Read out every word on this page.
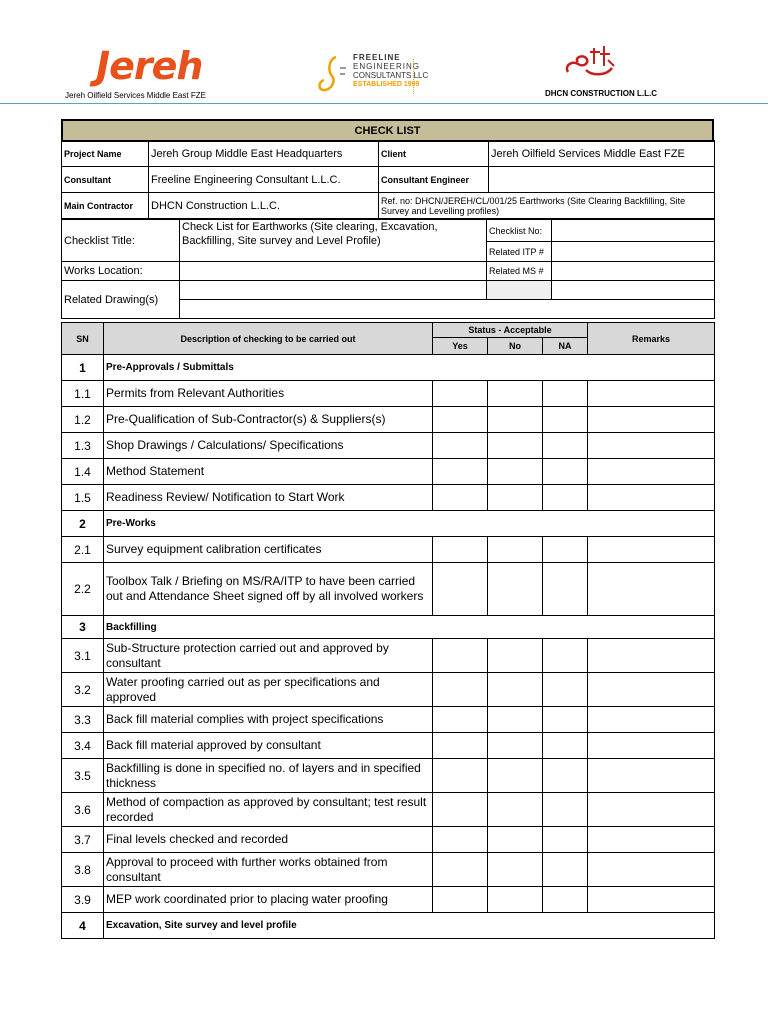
Jereh
Jereh Oilfield Services Middle East FZE
FREELINE
ENGINEERING
CONSULTANTS LLC
ESTABLISHED 1999

DHCN CONSTRUCTION L.L.C
CHECK LIST
Project Name	Jereh Group Middle East Headquarters	Client	Jereh Oilfield Services Middle East FZE
Consultant	Freeline Engineering Consultant L.L.C.	Consultant Engineer	
Main Contractor	DHCN Construction L.L.C.	Ref. no: DHCN/JEREH/CL/001/25 Earthworks (Site Clearing Backfilling, Site Survey and Levelling profiles)	
Checklist Title:	Check List for Earthworks (Site clearing, Excavation, Backfilling, Site survey and Level Profile)	Checklist No:	
		Related ITP #	
Works Location:		Related MS #	
Related Drawing(s)			

SN	Description of checking to be carried out	Status - Acceptable			Remarks
		Yes	No	NA	
1	Pre-Approvals / Submittals				
1.1	Permits from Relevant Authorities				
1.2	Pre-Qualification of Sub-Contractor(s) & Suppliers(s)				
1.3	Shop Drawings / Calculations/ Specifications				
1.4	Method Statement				
1.5	Readiness Review/ Notification to Start Work				
2	Pre-Works				
2.1	Survey equipment calibration certificates				
2.2	Toolbox Talk / Briefing on MS/RA/ITP to have been carried out and Attendance Sheet signed off by all involved workers				
3	Backfilling				
3.1	Sub-Structure protection carried out and approved by consultant				
3.2	Water proofing carried out as per specifications and approved				
3.3	Back fill material complies with project specifications				
3.4	Back fill material approved by consultant				
3.5	Backfilling is done in specified no. of layers and in specified thickness				
3.6	Method of compaction as approved by consultant; test result recorded				
3.7	Final levels checked and recorded				
3.8	Approval to proceed with further works obtained from consultant				
3.9	MEP work coordinated prior to placing water proofing				
4	Excavation, Site survey and level profile				
